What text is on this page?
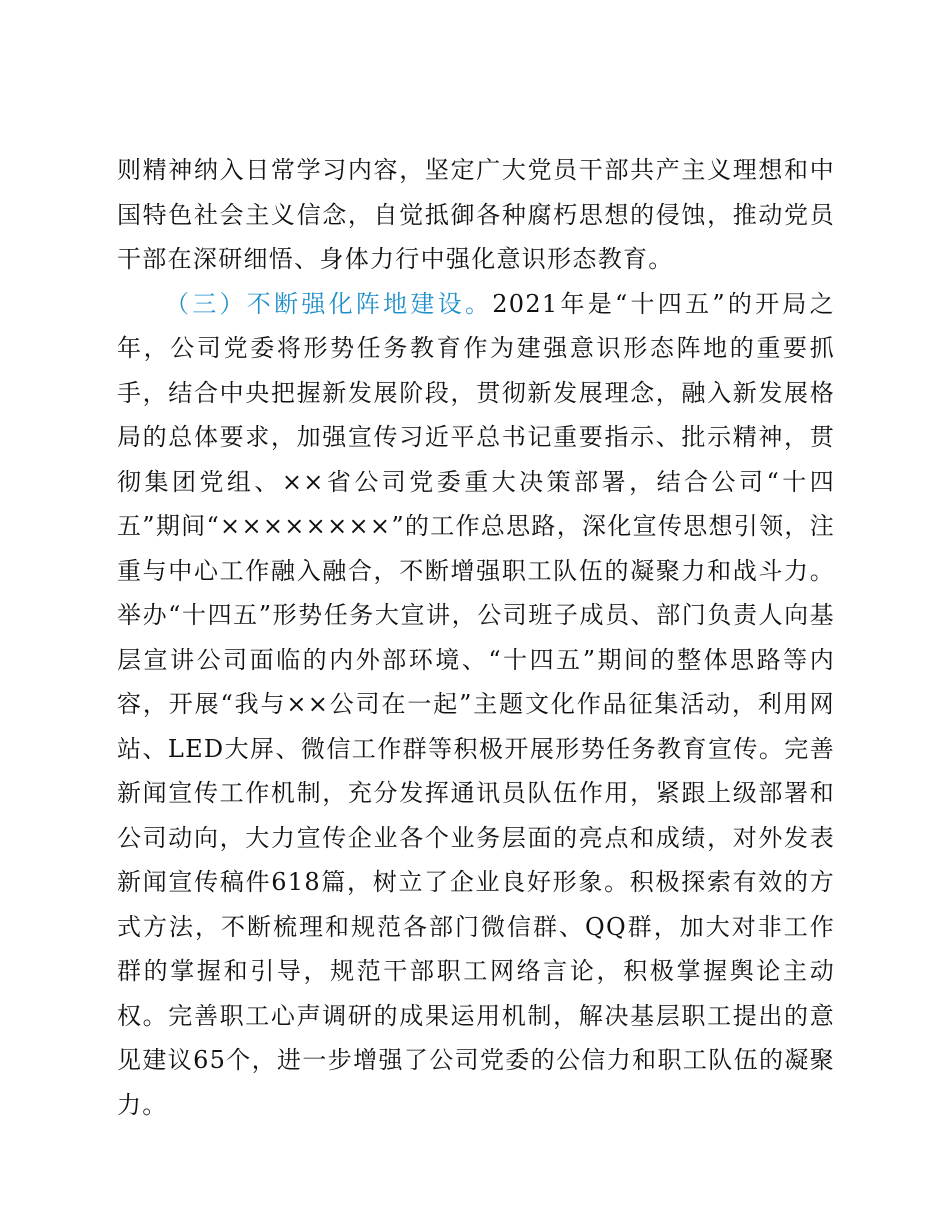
则精神纳入日常学习内容，坚定广大党员干部共产主义理想和中国特色社会主义信念，自觉抵御各种腐朽思想的侵蚀，推动党员干部在深研细悟、身体力行中强化意识形态教育。

（三）不断强化阵地建设。2021年是“十四五”的开局之年，公司党委将形势任务教育作为建强意识形态阵地的重要抓手，结合中央把握新发展阶段，贯彻新发展理念，融入新发展格局的总体要求，加强宣传习近平总书记重要指示、批示精神，贯彻集团党组、××省公司党委重大决策部署，结合公司“十四五”期间“××××××××”的工作总思路，深化宣传思想引领，注重与中心工作融入融合，不断增强职工队伍的凝聚力和战斗力。举办“十四五”形势任务大宣讲，公司班子成员、部门负责人向基层宣讲公司面临的内外部环境、“十四五”期间的整体思路等内容，开展“我与××公司在一起”主题文化作品征集活动，利用网站、LED大屏、微信工作群等积极开展形势任务教育宣传。完善新闻宣传工作机制，充分发挥通讯员队伍作用，紧跟上级部署和公司动向，大力宣传企业各个业务层面的亮点和成绩，对外发表新闻宣传稿件618篇，树立了企业良好形象。积极探索有效的方式方法，不断梳理和规范各部门微信群、QQ群，加大对非工作群的掌握和引导，规范干部职工网络言论，积极掌握舆论主动权。完善职工心声调研的成果运用机制，解决基层职工提出的意见建议65个，进一步增强了公司党委的公信力和职工队伍的凝聚力。
